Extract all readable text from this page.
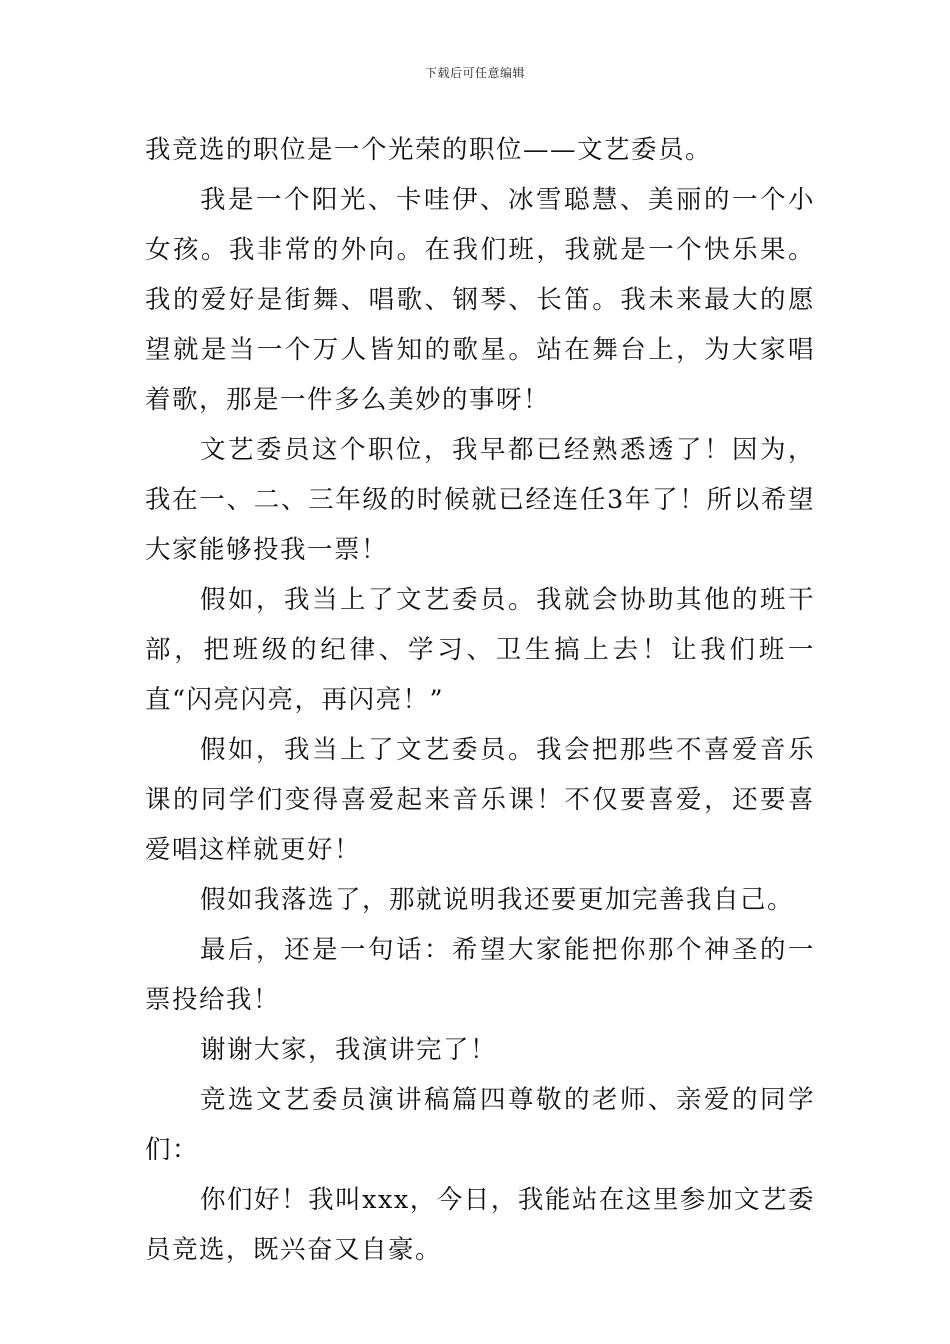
下载后可任意编辑

我竞选的职位是一个光荣的职位——文艺委员。

我是一个阳光、卡哇伊、冰雪聪慧、美丽的一个小女孩。我非常的外向。在我们班，我就是一个快乐果。我的爱好是街舞、唱歌、钢琴、长笛。我未来最大的愿望就是当一个万人皆知的歌星。站在舞台上，为大家唱着歌，那是一件多么美妙的事呀！

文艺委员这个职位，我早都已经熟悉透了！因为，我在一、二、三年级的时候就已经连任3年了！所以希望大家能够投我一票！

假如，我当上了文艺委员。我就会协助其他的班干部，把班级的纪律、学习、卫生搞上去！让我们班一直“闪亮闪亮，再闪亮！”

假如，我当上了文艺委员。我会把那些不喜爱音乐课的同学们变得喜爱起来音乐课！不仅要喜爱，还要喜爱唱这样就更好！

假如我落选了，那就说明我还要更加完善我自己。

最后，还是一句话：希望大家能把你那个神圣的一票投给我！

谢谢大家，我演讲完了！

竞选文艺委员演讲稿篇四尊敬的老师、亲爱的同学们：

你们好！我叫xxx，今日，我能站在这里参加文艺委员竞选，既兴奋又自豪。
